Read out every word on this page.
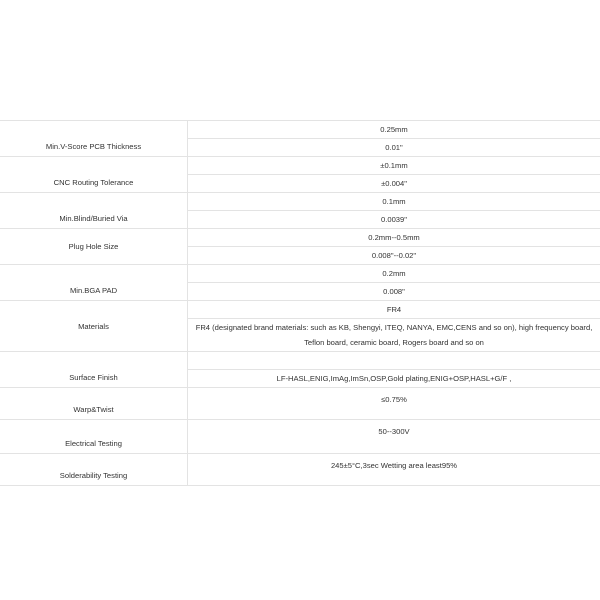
Min.V-Score PCB Thickness
0.25mm
0.01"
CNC Routing Tolerance
±0.1mm
±0.004"
Min.Blind/Buried Via
0.1mm
0.0039"
Plug Hole Size
0.2mm--0.5mm
0.008"--0.02"
Min.BGA PAD
0.2mm
0.008"
Materials
FR4
FR4 (designated brand materials: such as KB, Shengyi, ITEQ, NANYA, EMC,CENS and so on), high frequency board, Teflon board, ceramic board, Rogers board and so on
Surface Finish	LF-HASL,ENIG,ImAg,ImSn,OSP,Gold plating,ENIG+OSP,HASL+G/F ,
Warp&Twist
≤0.75%
Electrical Testing
50--300V
Solderability Testing
245±5°C,3sec Wetting area least95%
